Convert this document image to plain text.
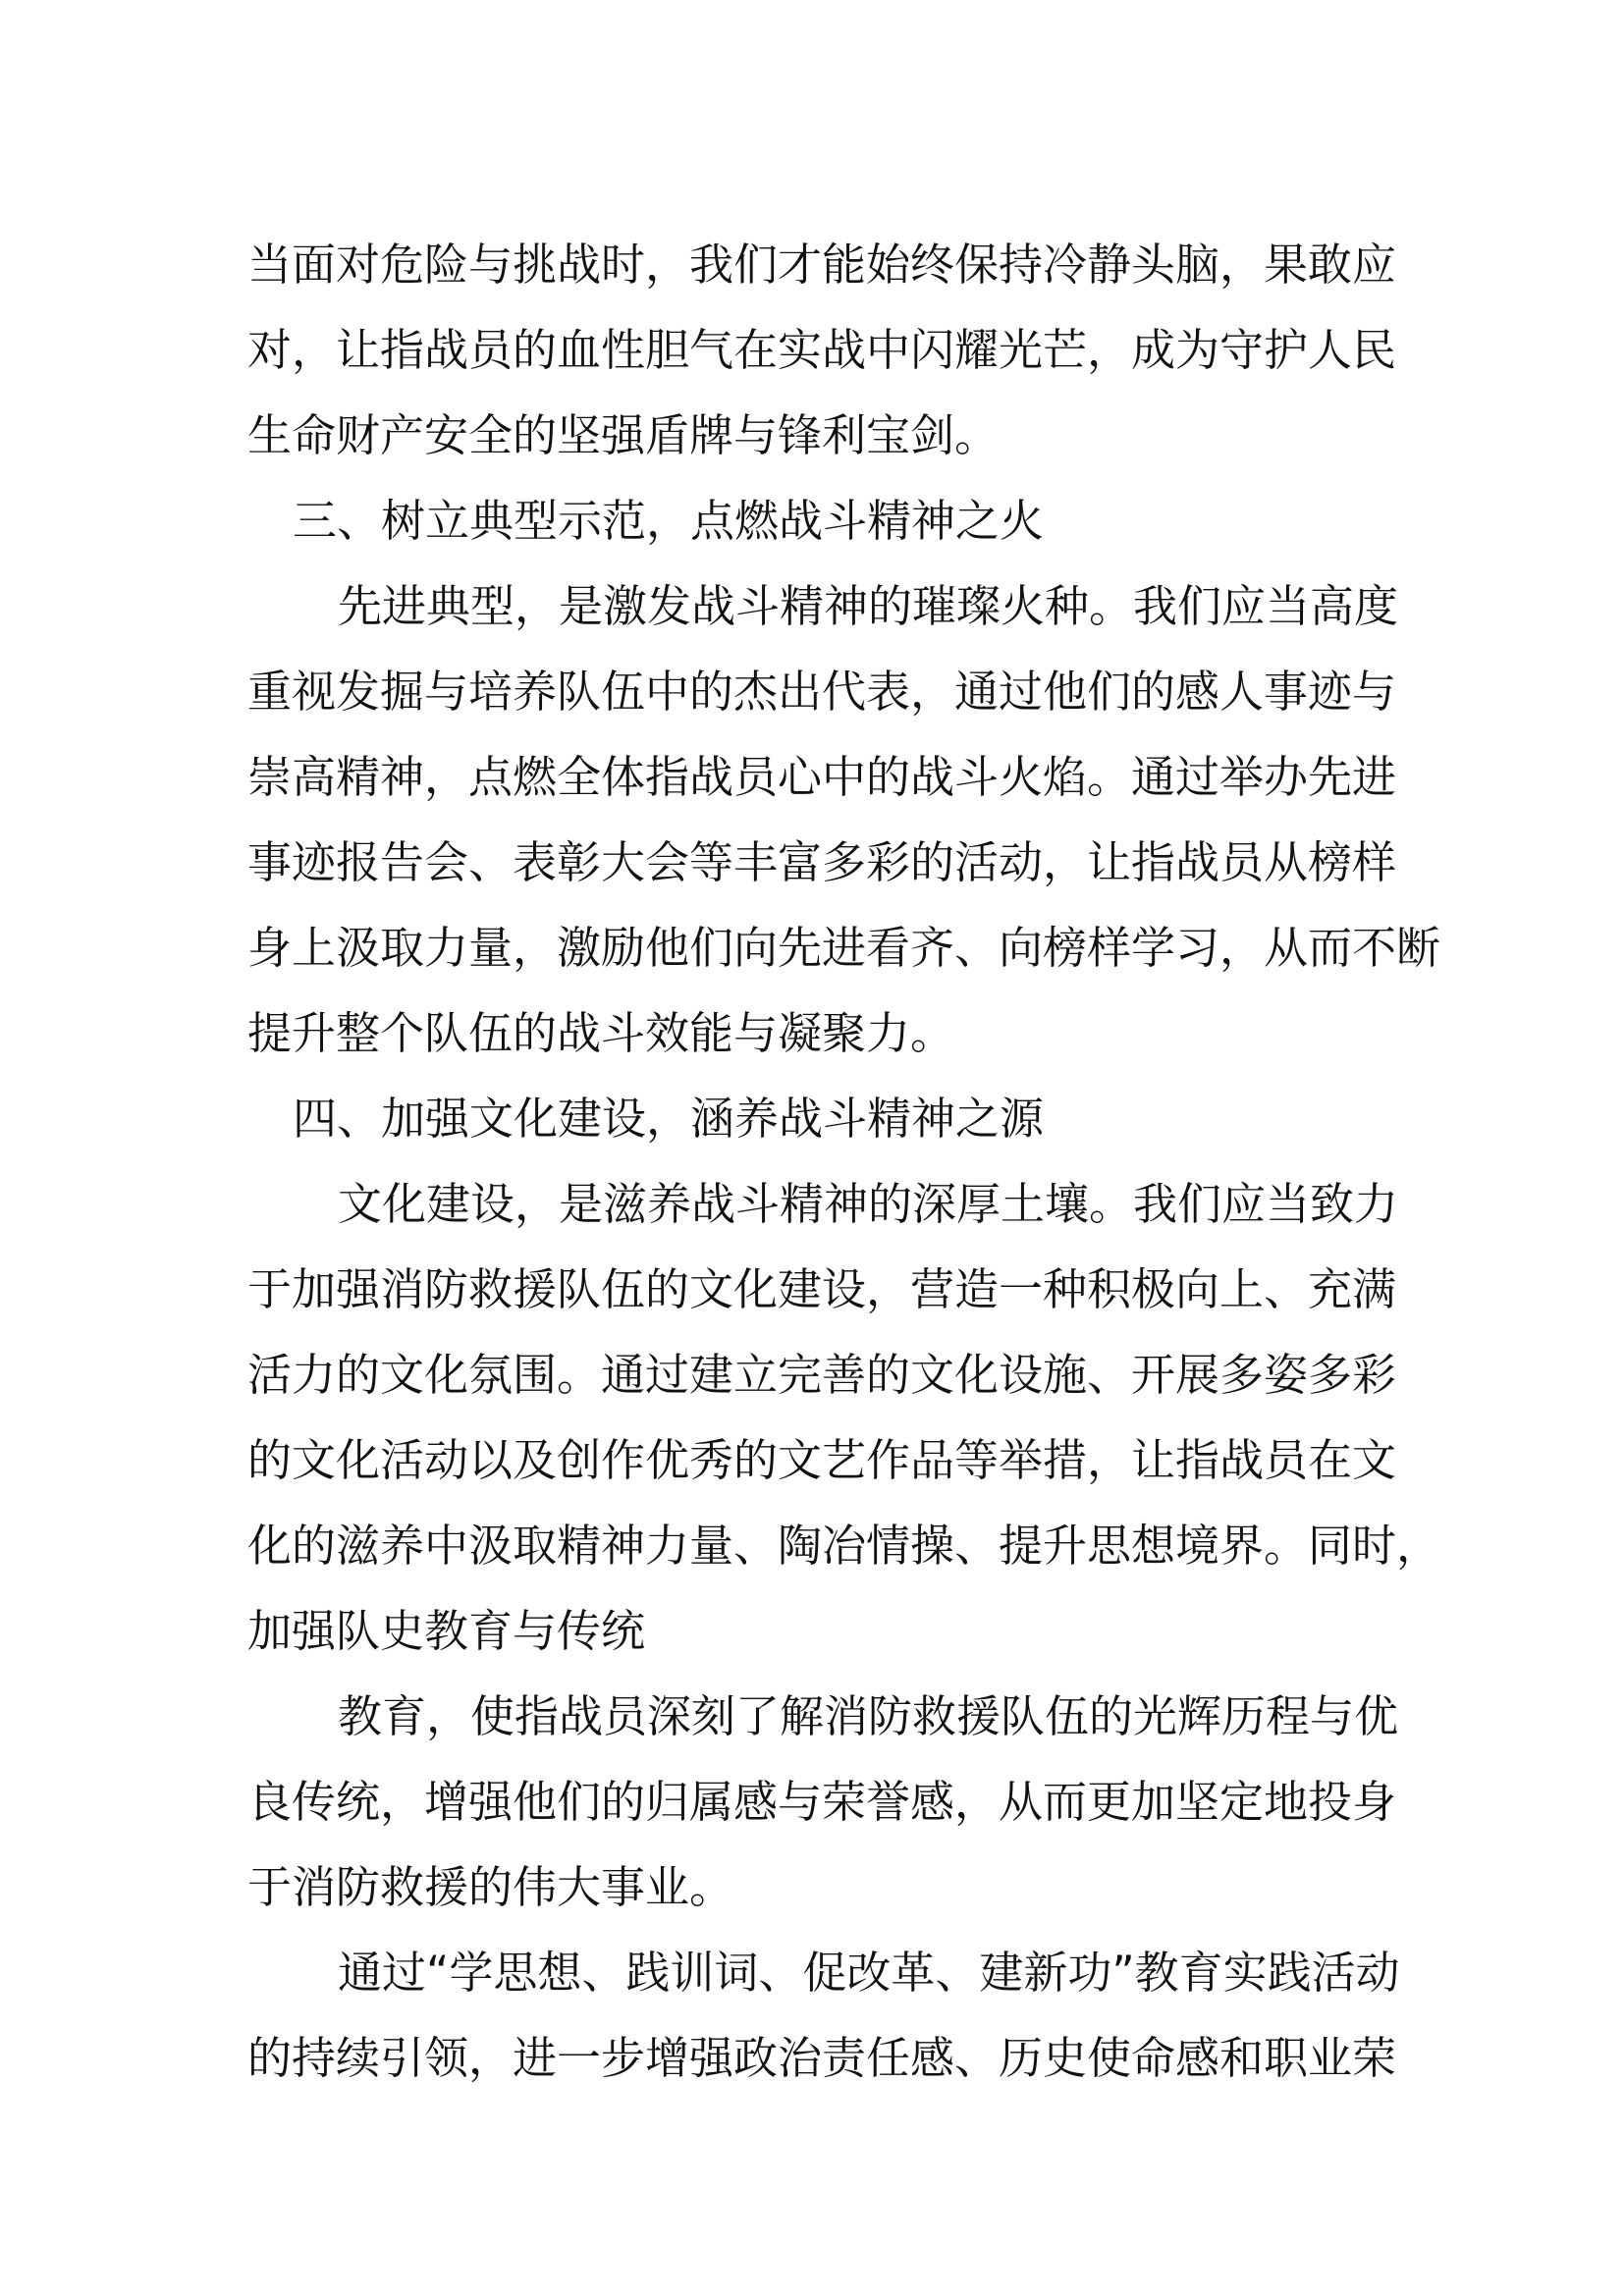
当面对危险与挑战时，我们才能始终保持冷静头脑，果敢应
对，让指战员的血性胆气在实战中闪耀光芒，成为守护人民
生命财产安全的坚强盾牌与锋利宝剑。
三、树立典型示范，点燃战斗精神之火
先进典型，是激发战斗精神的璀璨火种。我们应当高度
重视发掘与培养队伍中的杰出代表，通过他们的感人事迹与
崇高精神，点燃全体指战员心中的战斗火焰。通过举办先进
事迹报告会、表彰大会等丰富多彩的活动，让指战员从榜样
身上汲取力量，激励他们向先进看齐、向榜样学习，从而不断
提升整个队伍的战斗效能与凝聚力。
四、加强文化建设，涵养战斗精神之源
文化建设，是滋养战斗精神的深厚土壤。我们应当致力
于加强消防救援队伍的文化建设，营造一种积极向上、充满
活力的文化氛围。通过建立完善的文化设施、开展多姿多彩
的文化活动以及创作优秀的文艺作品等举措，让指战员在文
化的滋养中汲取精神力量、陶冶情操、提升思想境界。同时，
加强队史教育与传统
教育，使指战员深刻了解消防救援队伍的光辉历程与优
良传统，增强他们的归属感与荣誉感，从而更加坚定地投身
于消防救援的伟大事业。
通过“学思想、践训词、促改革、建新功”教育实践活动
的持续引领，进一步增强政治责任感、历史使命感和职业荣
